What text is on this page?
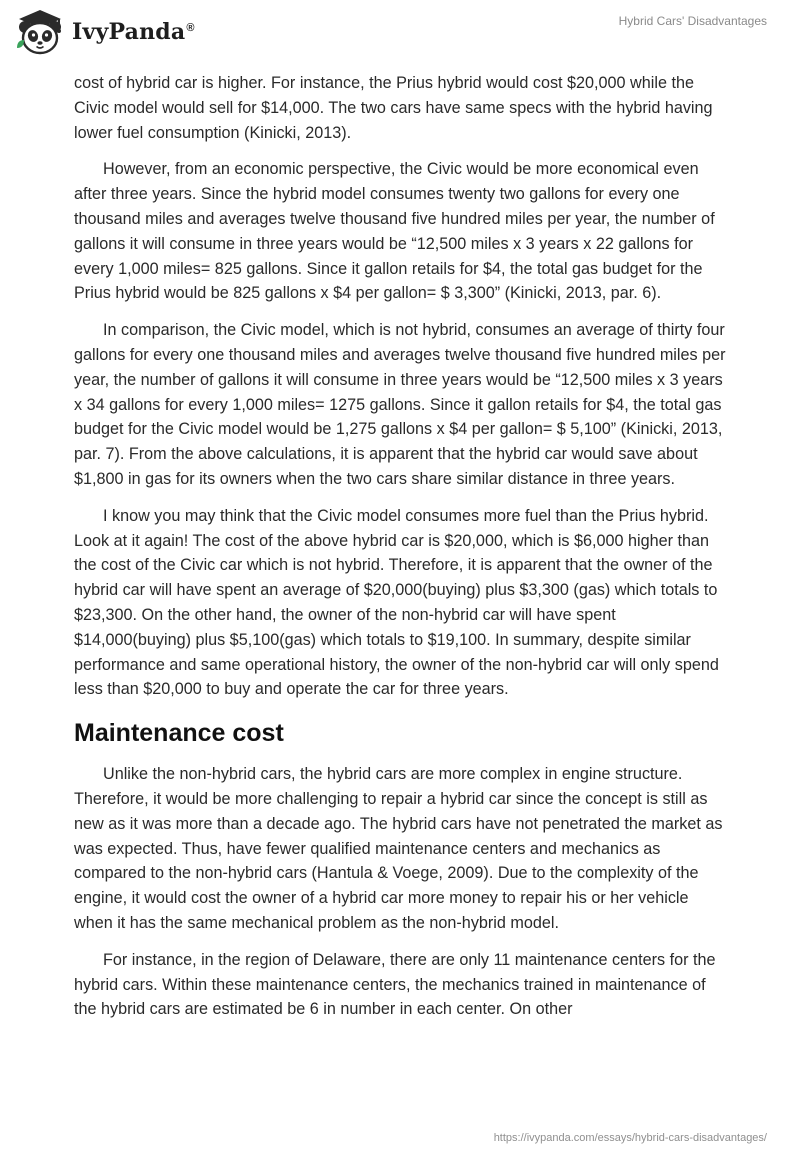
IvyPanda®	Hybrid Cars' Disadvantages

cost of hybrid car is higher. For instance, the Prius hybrid would cost $20,000 while the Civic model would sell for $14,000. The two cars have same specs with the hybrid having lower fuel consumption (Kinicki, 2013).

However, from an economic perspective, the Civic would be more economical even after three years. Since the hybrid model consumes twenty two gallons for every one thousand miles and averages twelve thousand five hundred miles per year, the number of gallons it will consume in three years would be “12,500 miles x 3 years x 22 gallons for every 1,000 miles= 825 gallons. Since it gallon retails for $4, the total gas budget for the Prius hybrid would be 825 gallons x $4 per gallon= $ 3,300” (Kinicki, 2013, par. 6).

In comparison, the Civic model, which is not hybrid, consumes an average of thirty four gallons for every one thousand miles and averages twelve thousand five hundred miles per year, the number of gallons it will consume in three years would be “12,500 miles x 3 years x 34 gallons for every 1,000 miles= 1275 gallons. Since it gallon retails for $4, the total gas budget for the Civic model would be 1,275 gallons x $4 per gallon= $ 5,100” (Kinicki, 2013, par. 7). From the above calculations, it is apparent that the hybrid car would save about $1,800 in gas for its owners when the two cars share similar distance in three years.

I know you may think that the Civic model consumes more fuel than the Prius hybrid. Look at it again! The cost of the above hybrid car is $20,000, which is $6,000 higher than the cost of the Civic car which is not hybrid. Therefore, it is apparent that the owner of the hybrid car will have spent an average of $20,000(buying) plus $3,300 (gas) which totals to $23,300. On the other hand, the owner of the non-hybrid car will have spent $14,000(buying) plus $5,100(gas) which totals to $19,100. In summary, despite similar performance and same operational history, the owner of the non-hybrid car will only spend less than $20,000 to buy and operate the car for three years.

Maintenance cost

Unlike the non-hybrid cars, the hybrid cars are more complex in engine structure. Therefore, it would be more challenging to repair a hybrid car since the concept is still as new as it was more than a decade ago. The hybrid cars have not penetrated the market as was expected. Thus, have fewer qualified maintenance centers and mechanics as compared to the non-hybrid cars (Hantula & Voege, 2009). Due to the complexity of the engine, it would cost the owner of a hybrid car more money to repair his or her vehicle when it has the same mechanical problem as the non-hybrid model.

For instance, in the region of Delaware, there are only 11 maintenance centers for the hybrid cars. Within these maintenance centers, the mechanics trained in maintenance of the hybrid cars are estimated be 6 in number in each center. On other

https://ivypanda.com/essays/hybrid-cars-disadvantages/
